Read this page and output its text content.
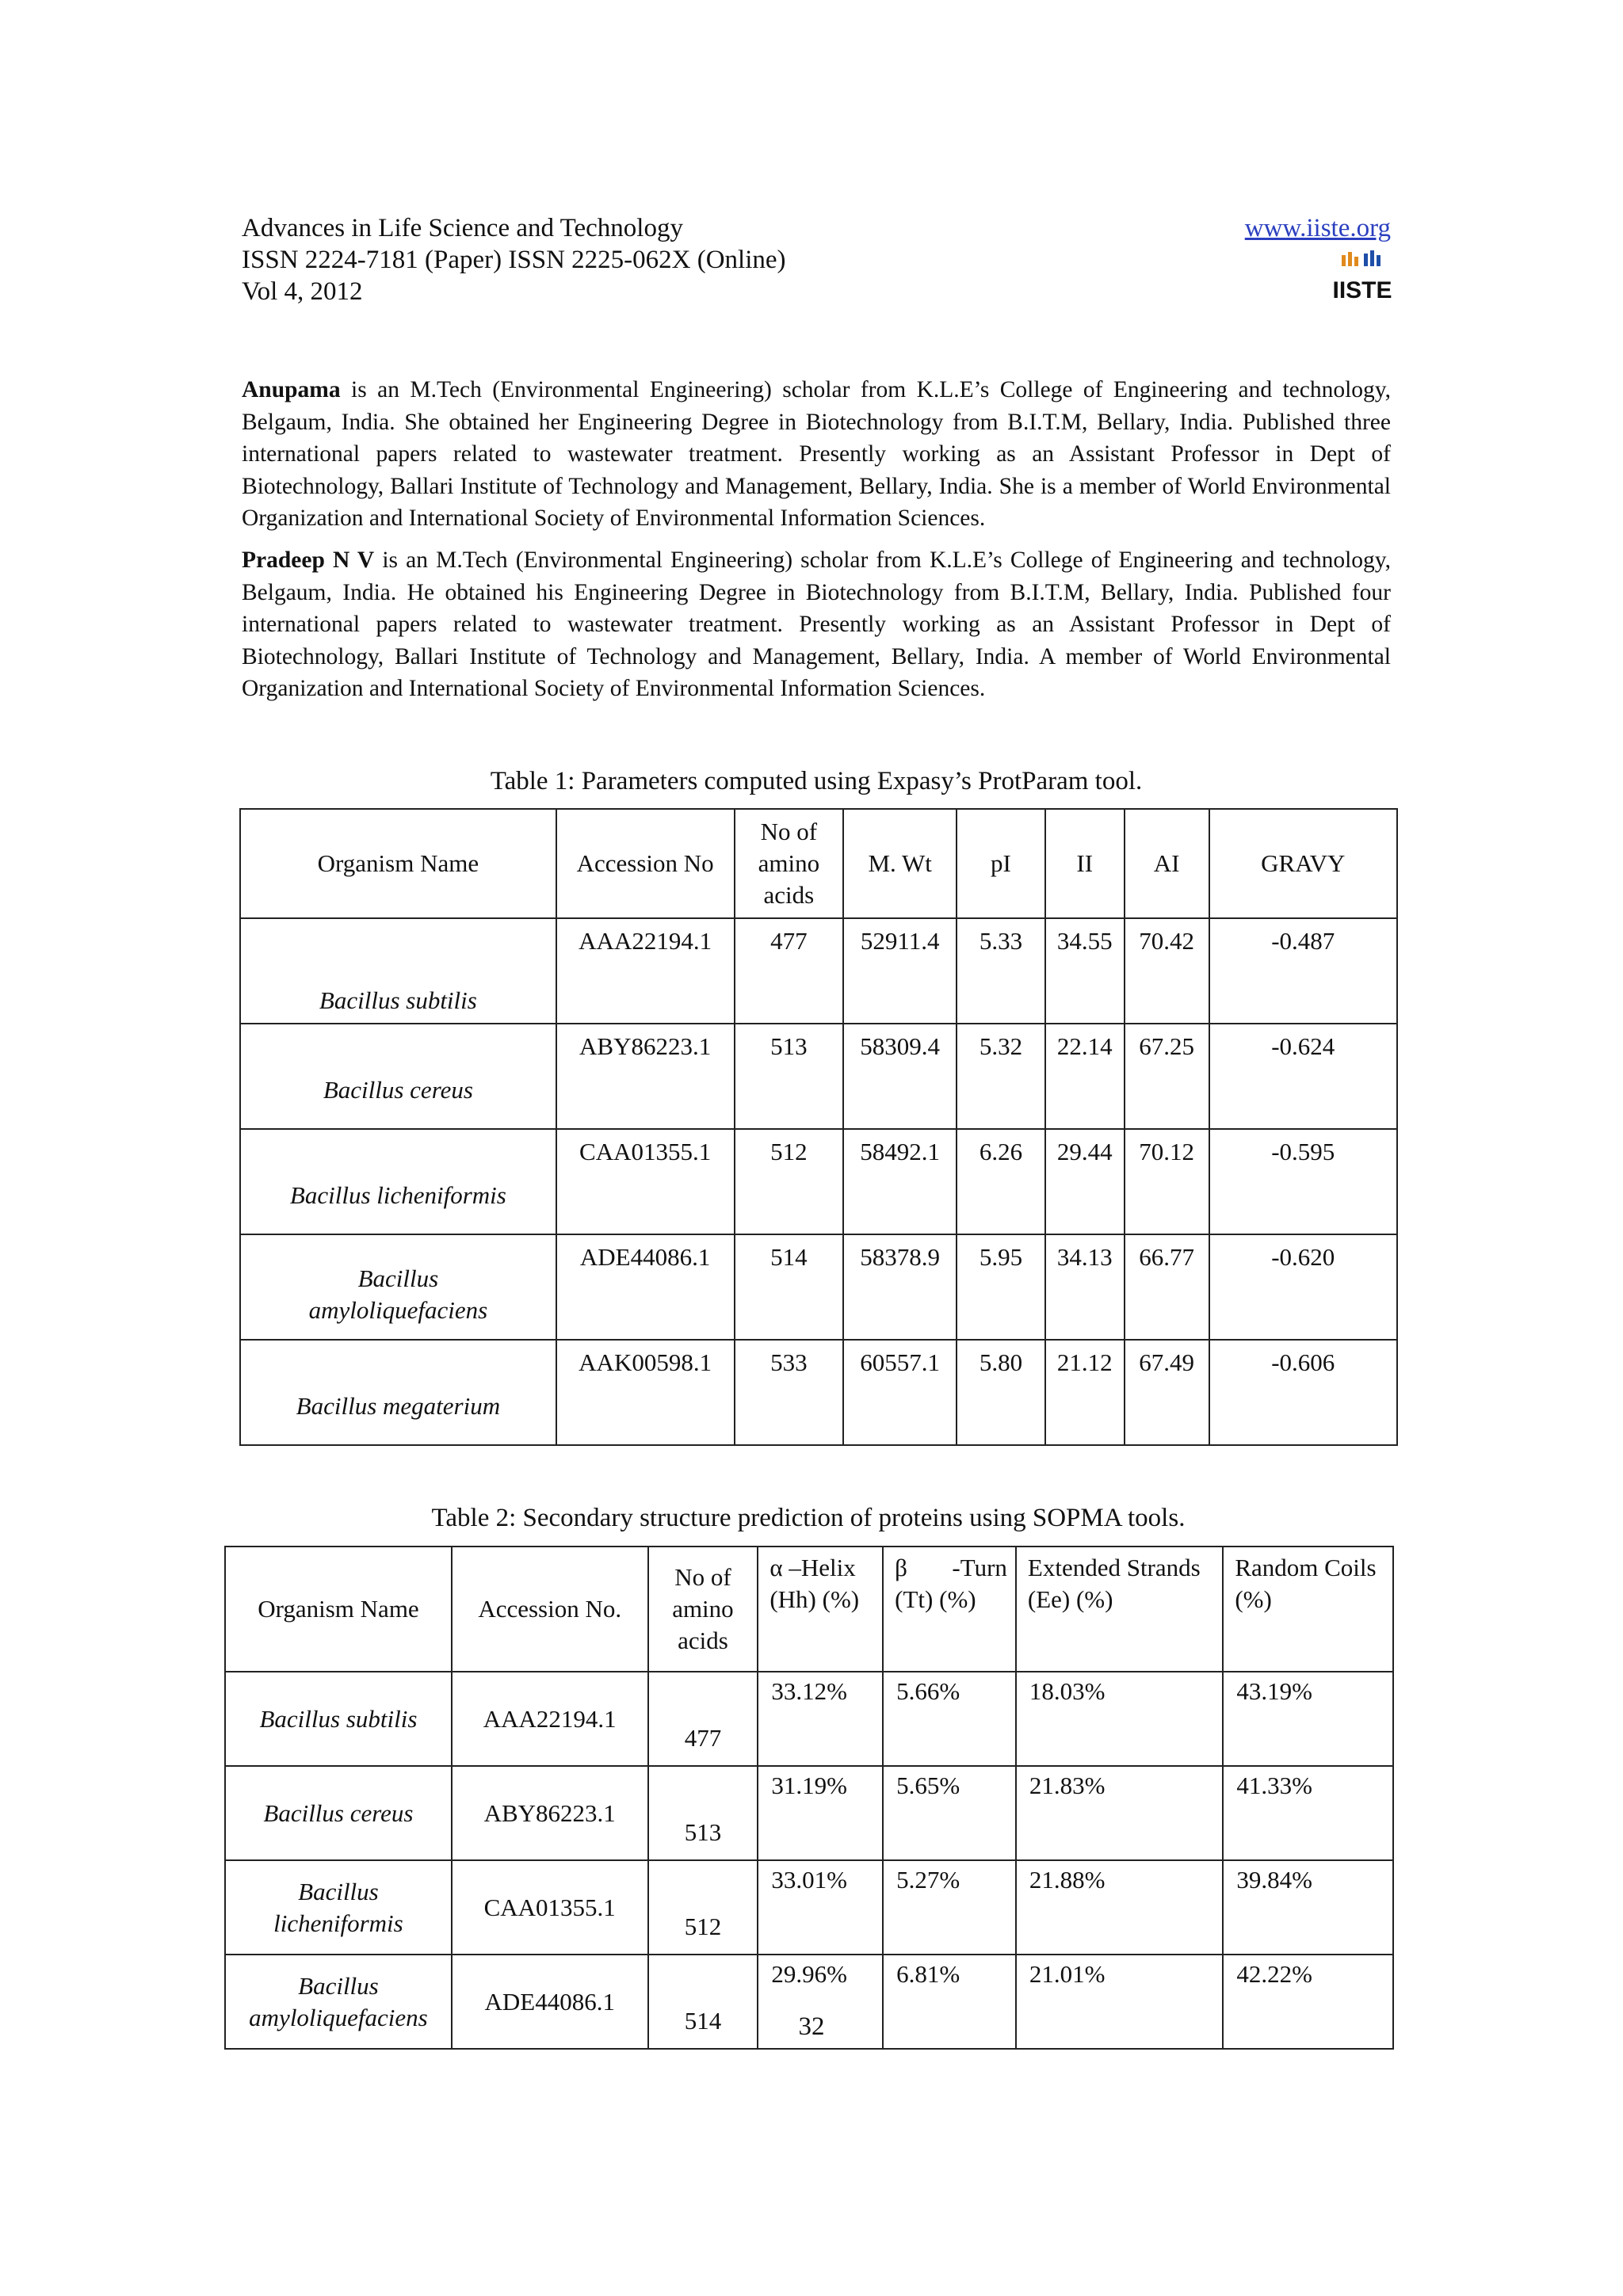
Advances in Life Science and Technology
ISSN 2224-7181 (Paper) ISSN 2225-062X (Online)
Vol 4, 2012
www.iiste.org
IISTE

Anupama is an M.Tech (Environmental Engineering) scholar from K.L.E’s College of Engineering and technology, Belgaum, India. She obtained her Engineering Degree in Biotechnology from B.I.T.M, Bellary, India. Published three international papers related to wastewater treatment. Presently working as an Assistant Professor in Dept of Biotechnology, Ballari Institute of Technology and Management, Bellary, India. She is a member of World Environmental Organization and International Society of Environmental Information Sciences.

Pradeep N V is an M.Tech (Environmental Engineering) scholar from K.L.E’s College of Engineering and technology, Belgaum, India. He obtained his Engineering Degree in Biotechnology from B.I.T.M, Bellary, India. Published four international papers related to wastewater treatment. Presently working as an Assistant Professor in Dept of Biotechnology, Ballari Institute of Technology and Management, Bellary, India. A member of World Environmental Organization and International Society of Environmental Information Sciences.

Table 1: Parameters computed using Expasy’s ProtParam tool.
Organism Name	Accession No	No of amino acids	M. Wt	pI	II	AI	GRAVY
Bacillus subtilis	AAA22194.1	477	52911.4	5.33	34.55	70.42	-0.487
Bacillus cereus	ABY86223.1	513	58309.4	5.32	22.14	67.25	-0.624
Bacillus licheniformis	CAA01355.1	512	58492.1	6.26	29.44	70.12	-0.595
Bacillus amyloliquefaciens	ADE44086.1	514	58378.9	5.95	34.13	66.77	-0.620
Bacillus megaterium	AAK00598.1	533	60557.1	5.80	21.12	67.49	-0.606
Table 2: Secondary structure prediction of proteins using SOPMA tools.
Organism Name	Accession No.	No of amino acids	α –Helix (Hh) (%)	β -Turn (Tt) (%)	Extended Strands (Ee) (%)	Random Coils (%)
Bacillus subtilis	AAA22194.1	477	33.12%	5.66%	18.03%	43.19%
Bacillus cereus	ABY86223.1	513	31.19%	5.65%	21.83%	41.33%
Bacillus licheniformis	CAA01355.1	512	33.01%	5.27%	21.88%	39.84%
Bacillus amyloliquefaciens	ADE44086.1	514	29.96%	6.81%	21.01%	42.22%
32
